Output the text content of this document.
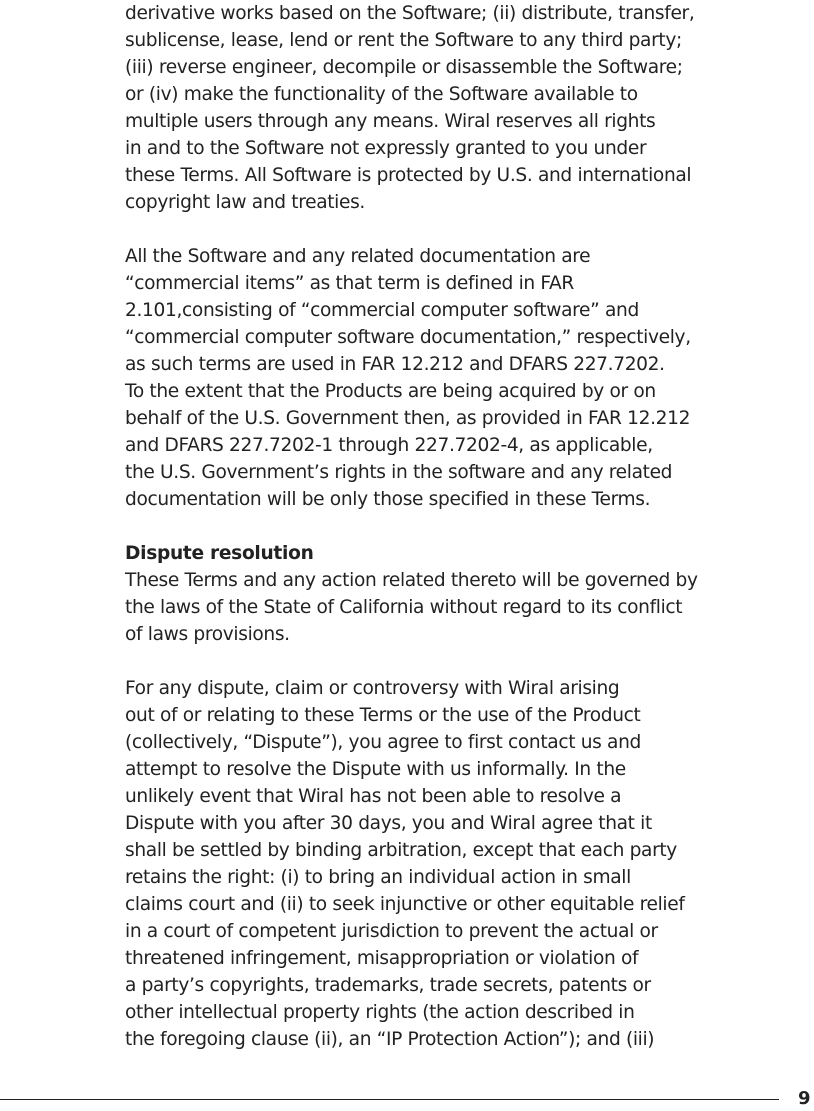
derivative works based on the Software; (ii) distribute, transfer,
sublicense, lease, lend or rent the Software to any third party;
(iii) reverse engineer, decompile or disassemble the Software;
or (iv) make the functionality of the Software available to
multiple users through any means. Wiral reserves all rights
in and to the Software not expressly granted to you under
these Terms. All Software is protected by U.S. and international
copyright law and treaties.

All the Software and any related documentation are
“commercial items” as that term is defined in FAR
2.101,consisting of “commercial computer software” and
“commercial computer software documentation,” respectively,
as such terms are used in FAR 12.212 and DFARS 227.7202.
To the extent that the Products are being acquired by or on
behalf of the U.S. Government then, as provided in FAR 12.212
and DFARS 227.7202-1 through 227.7202-4, as applicable,
the U.S. Government’s rights in the software and any related
documentation will be only those specified in these Terms.

Dispute resolution

These Terms and any action related thereto will be governed by
the laws of the State of California without regard to its conflict
of laws provisions.

For any dispute, claim or controversy with Wiral arising
out of or relating to these Terms or the use of the Product
(collectively, “Dispute”), you agree to first contact us and
attempt to resolve the Dispute with us informally. In the
unlikely event that Wiral has not been able to resolve a
Dispute with you after 30 days, you and Wiral agree that it
shall be settled by binding arbitration, except that each party
retains the right: (i) to bring an individual action in small
claims court and (ii) to seek injunctive or other equitable relief
in a court of competent jurisdiction to prevent the actual or
threatened infringement, misappropriation or violation of
a party’s copyrights, trademarks, trade secrets, patents or
other intellectual property rights (the action described in
the foregoing clause (ii), an “IP Protection Action”); and (iii)

9
